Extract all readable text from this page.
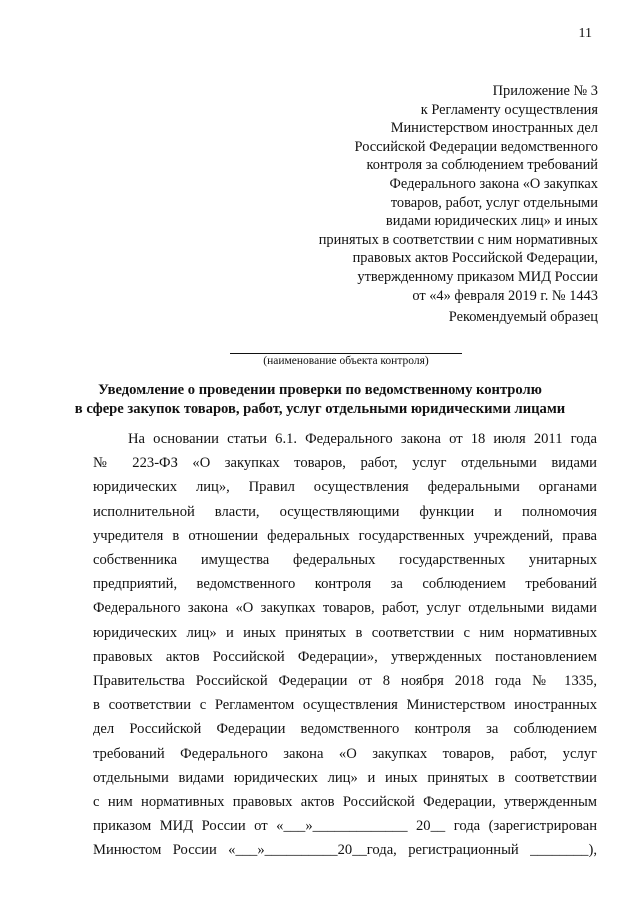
11
Приложение № 3
к Регламенту осуществления
Министерством иностранных дел
Российской Федерации ведомственного
контроля за соблюдением требований
Федерального закона «О закупках
товаров, работ, услуг отдельными
видами юридических лиц» и иных
принятых в соответствии с ним нормативных
правовых актов Российской Федерации,
утвержденному приказом МИД России
от «4» февраля 2019 г. № 1443
Рекомендуемый образец
(наименование объекта контроля)
Уведомление о проведении проверки по ведомственному контролю
в сфере закупок товаров, работ, услуг отдельными юридическими лицами
На основании статьи 6.1. Федерального закона от 18 июля 2011 года
№ 223-ФЗ «О закупках товаров, работ, услуг отдельными видами
юридических лиц», Правил осуществления федеральными органами
исполнительной власти, осуществляющими функции и полномочия
учредителя в отношении федеральных государственных учреждений, права
собственника имущества федеральных государственных унитарных
предприятий, ведомственного контроля за соблюдением требований
Федерального закона «О закупках товаров, работ, услуг отдельными видами
юридических лиц» и иных принятых в соответствии с ним нормативных
правовых актов Российской Федерации», утвержденных постановлением
Правительства Российской Федерации от 8 ноября 2018 года № 1335,
в соответствии с Регламентом осуществления Министерством иностранных
дел Российской Федерации ведомственного контроля за соблюдением
требований Федерального закона «О закупках товаров, работ, услуг
отдельными видами юридических лиц» и иных принятых в соответствии
с ним нормативных правовых актов Российской Федерации, утвержденным
приказом МИД России от «___»_____________ 20__ года (зарегистрирован
Минюстом России «___»__________20__года, регистрационный ________),
